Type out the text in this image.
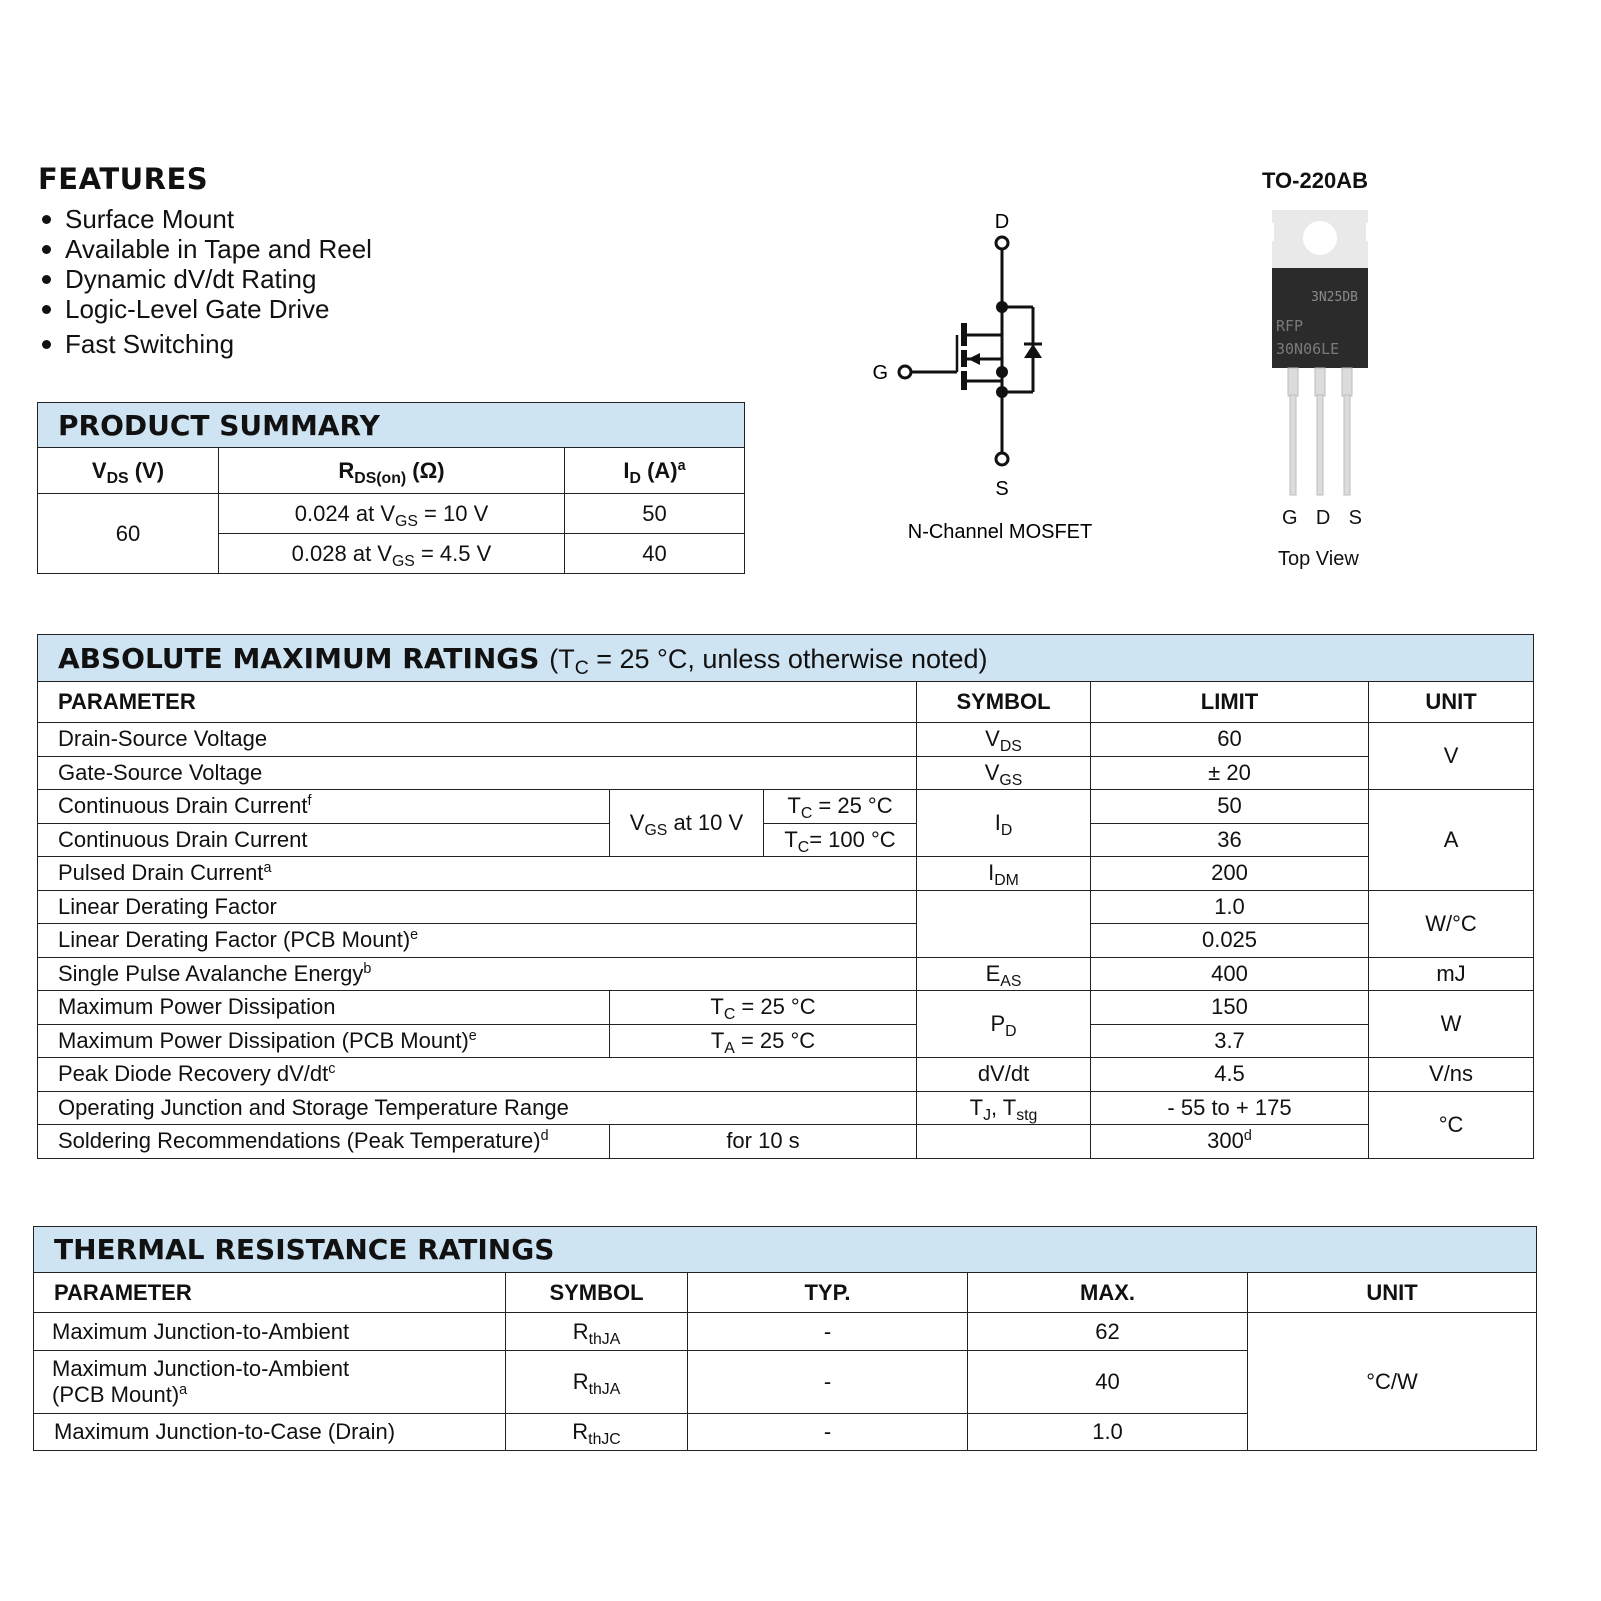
FEATURES
Surface Mount
Available in Tape and Reel
Dynamic dV/dt Rating
Logic-Level Gate Drive
Fast Switching
PRODUCT SUMMARY		
$V_{DS}$ (V)	$R_{DS(on)}$ (Ω)	$I_D$ $(A)^a$
60	0.024 at $V_{GS} = 10$ V	50
	0.028 at $V_{GS} = 4.5$ V	40
D
G
S
N-Channel MOSFET
TO-220AB
3N25DB
RFP
30N06LE
G D S
Top View
ABSOLUTE MAXIMUM RATINGS ($T_C = 25$ °C, unless otherwise noted)					
PARAMETER			SYMBOL	LIMIT	UNIT
Drain-Source Voltage			$V_{DS}$	60	V
Gate-Source Voltage			$V_{GS}$	± 20	
Continuous Drain Current$^f$	$V_{GS}$ at 10 V	$T_C = 25$ °C	$I_D$	50	A
Continuous Drain Current		$T_C= 100$ °C		36	
Pulsed Drain Current$^a$			$I_{DM}$	200	
Linear Derating Factor				1.0	W/°C
Linear Derating Factor (PCB Mount)$^e$				0.025	
Single Pulse Avalanche Energy$^b$			$E_{AS}$	400	mJ
Maximum Power Dissipation	$T_C = 25$ °C		$P_D$	150	W
Maximum Power Dissipation (PCB Mount)$^e$	$T_A = 25$ °C			3.7	
Peak Diode Recovery $dV/dt^c$			dV/dt	4.5	V/ns
Operating Junction and Storage Temperature Range			$T_J$, $T_{stg}$	- 55 to + 175	°C
Soldering Recommendations (Peak Temperature)$^d$	for 10 s			300$^d$
THERMAL RESISTANCE RATINGS				
PARAMETER	SYMBOL	TYP.	MAX.	UNIT
Maximum Junction-to-Ambient	$R_{thJA}$	-	62	°C/W
Maximum Junction-to-Ambient
(PCB Mount)$^a$	$R_{thJA}$	-	40	
Maximum Junction-to-Case (Drain)	$R_{thJC}$	-	1.0	
